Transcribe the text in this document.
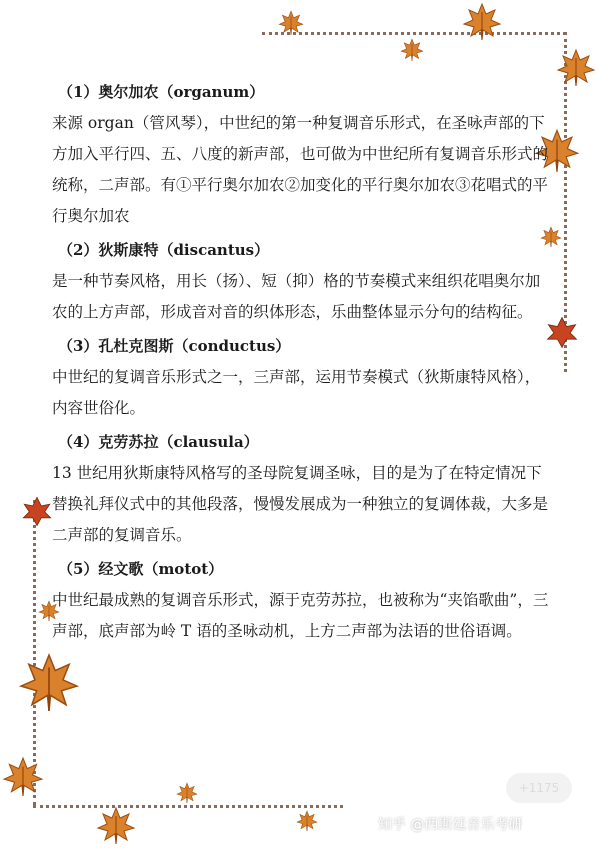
（1）奥尔加农（organum）
来源 organ（管风琴），中世纪的第一种复调音乐形式，在圣咏声部的下方加入平行四、五、八度的新声部，也可做为中世纪所有复调音乐形式的统称，二声部。有①平行奥尔加农②加变化的平行奥尔加农③花唱式的平行奥尔加农
（2）狄斯康特（discantus）
是一种节奏风格，用长（扬）、短（抑）格的节奏模式来组织花唱奥尔加农的上方声部，形成音对音的织体形态，乐曲整体显示分句的结构征。
（3）孔杜克图斯（conductus）
中世纪的复调音乐形式之一，三声部，运用节奏模式（狄斯康特风格），内容世俗化。
（4）克劳苏拉（clausula）
13 世纪用狄斯康特风格写的圣母院复调圣咏，目的是为了在特定情况下替换礼拜仪式中的其他段落，慢慢发展成为一种独立的复调体裁，大多是二声部的复调音乐。
（5）经文歌（motot）
中世纪最成熟的复调音乐形式，源于克劳苏拉，也被称为“夹馅歌曲”，三声部，底声部为岭 T 语的圣咏动机，上方二声部为法语的世俗语调。
+1175
知乎 @西斯廷音乐考研
